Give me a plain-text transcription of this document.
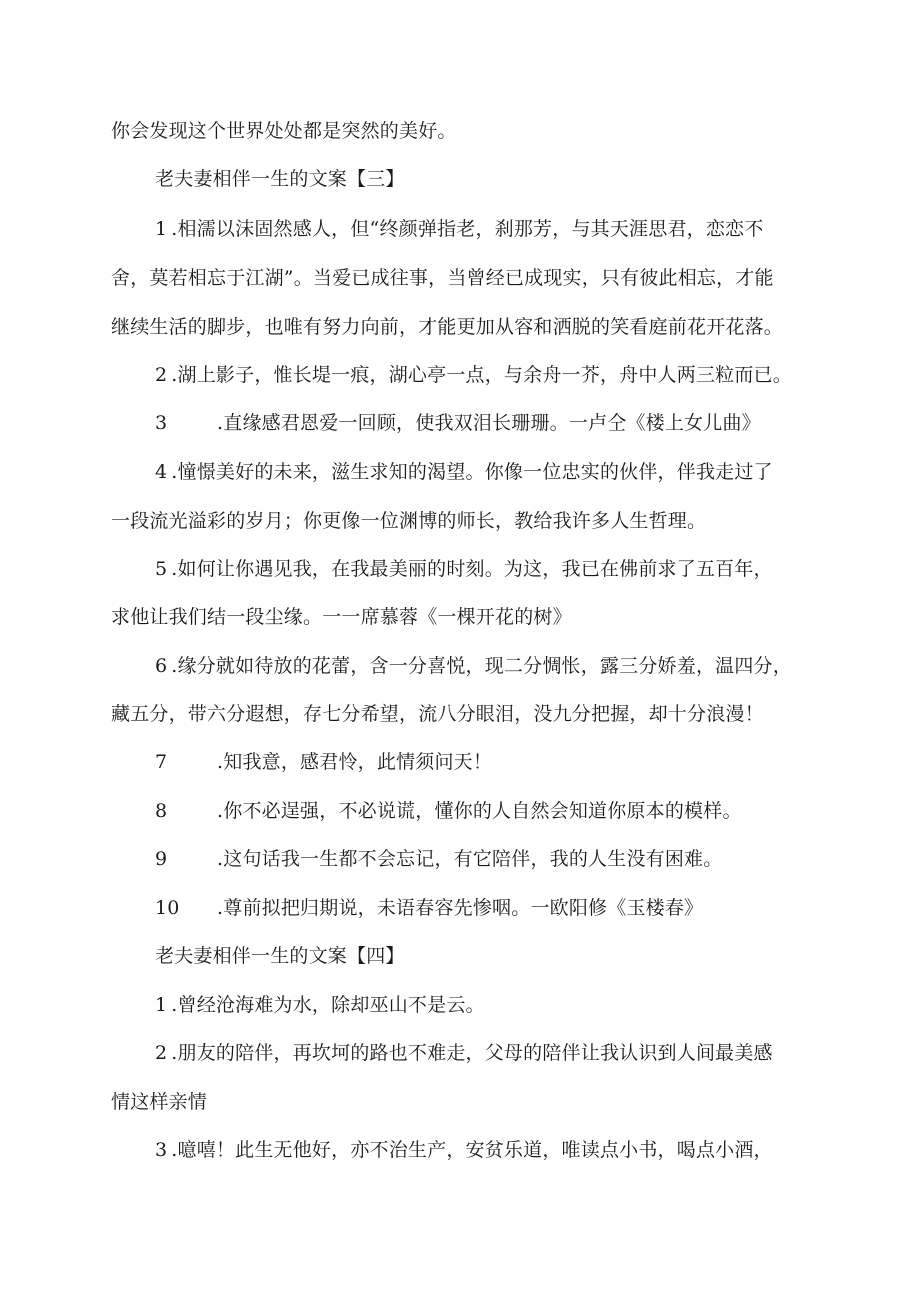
你会发现这个世界处处都是突然的美好。
老夫妻相伴一生的文案【三】
1 .相濡以沫固然感人，但“终颜弹指老，刹那芳，与其天涯思君，恋恋不
舍，莫若相忘于江湖”。当爱已成往事，当曾经已成现实，只有彼此相忘，才能
继续生活的脚步，也唯有努力向前，才能更加从容和洒脱的笑看庭前花开花落。
2 .湖上影子，惟长堤一痕，湖心亭一点，与余舟一芥，舟中人两三粒而已。
3	.直缘感君恩爱一回顾，使我双泪长珊珊。一卢仝《楼上女儿曲》
4 .憧憬美好的未来，滋生求知的渴望。你像一位忠实的伙伴，伴我走过了
一段流光溢彩的岁月；你更像一位渊博的师长，教给我许多人生哲理。
5 .如何让你遇见我，在我最美丽的时刻。为这，我已在佛前求了五百年，
求他让我们结一段尘缘。一一席慕蓉《一棵开花的树》
6 .缘分就如待放的花蕾，含一分喜悦，现二分惆怅，露三分娇羞，温四分，
藏五分，带六分遐想，存七分希望，流八分眼泪，没九分把握，却十分浪漫！
7	.知我意，感君怜，此情须问天！
8	.你不必逞强，不必说谎，懂你的人自然会知道你原本的模样。
9	.这句话我一生都不会忘记，有它陪伴，我的人生没有困难。
10 .尊前拟把归期说，未语春容先惨咽。一欧阳修《玉楼春》
老夫妻相伴一生的文案【四】
1 .曾经沧海难为水，除却巫山不是云。
2 .朋友的陪伴，再坎坷的路也不难走，父母的陪伴让我认识到人间最美感
情这样亲情
3 .噫嘻！此生无他好，亦不治生产，安贫乐道，唯读点小书，喝点小酒，
